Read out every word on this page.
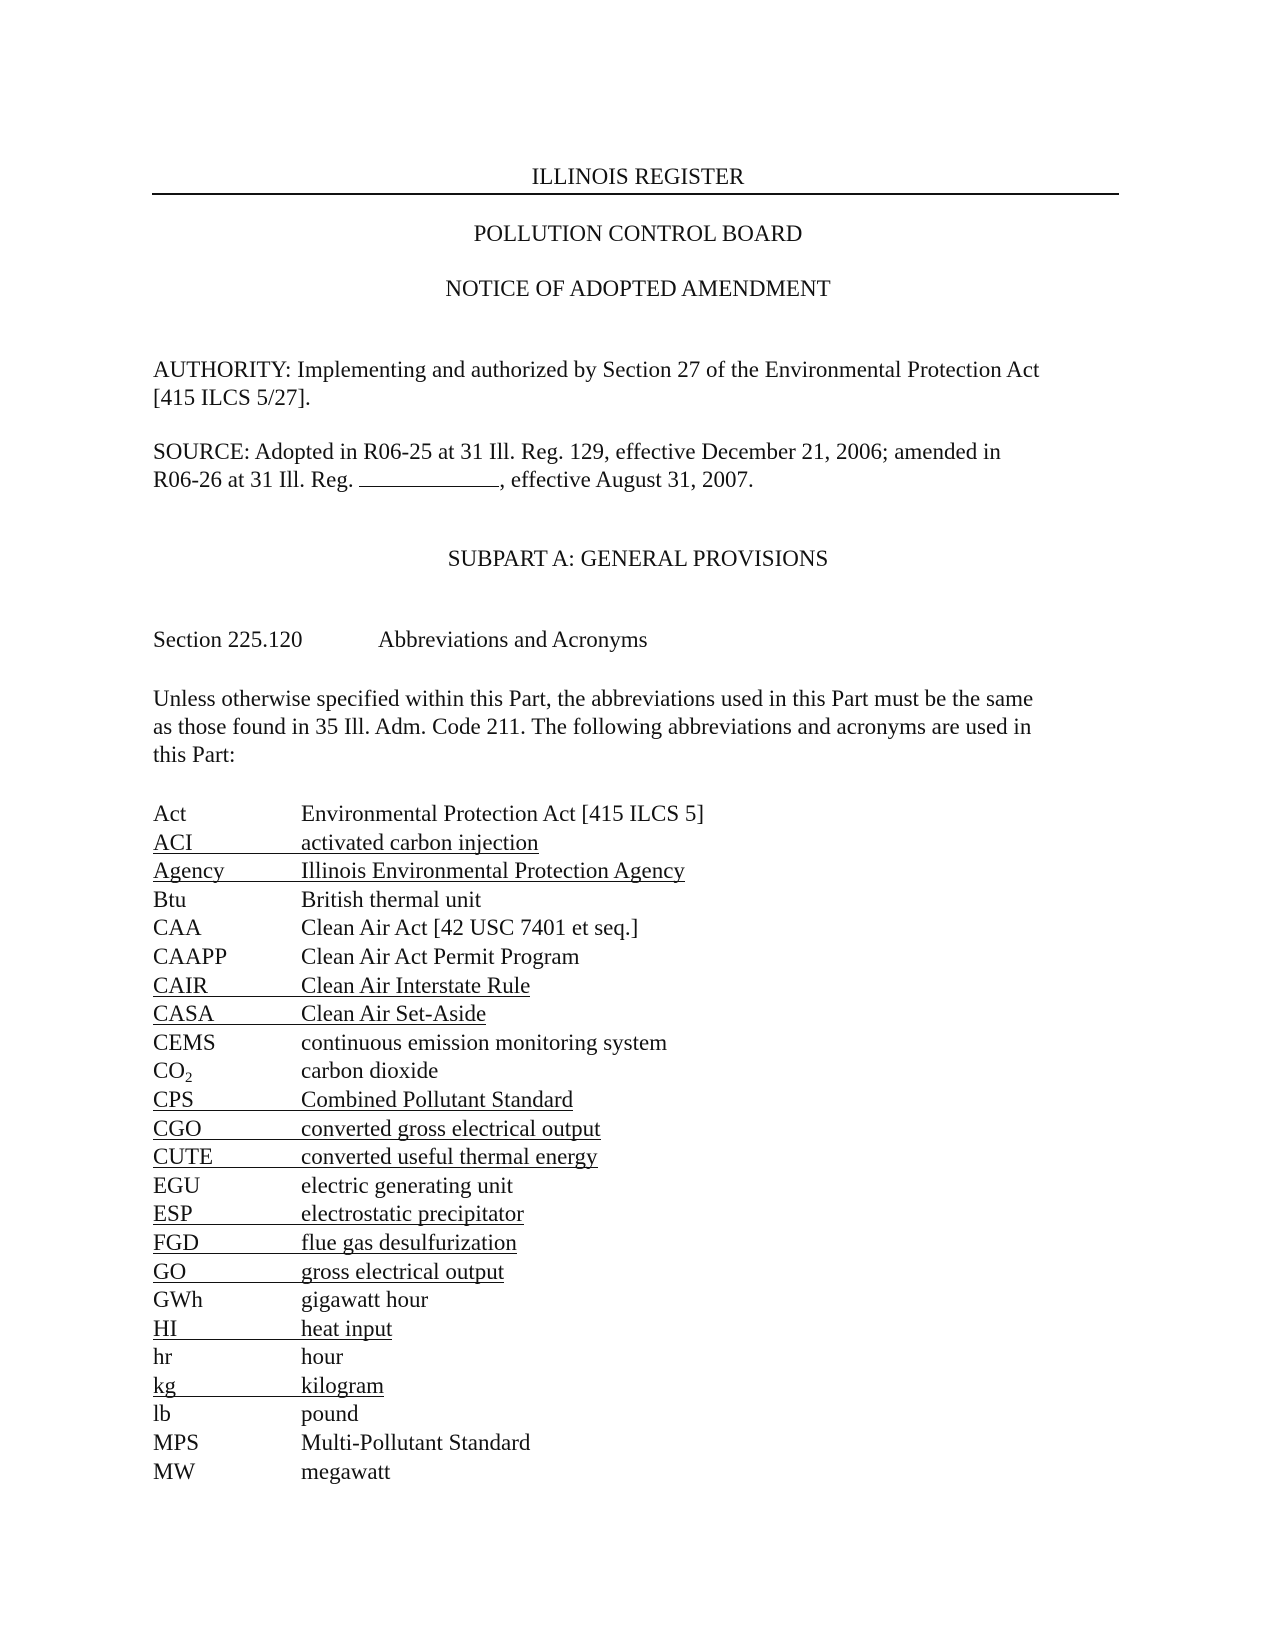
ILLINOIS REGISTER
POLLUTION CONTROL BOARD
NOTICE OF ADOPTED AMENDMENT
AUTHORITY: Implementing and authorized by Section 27 of the Environmental Protection Act
[415 ILCS 5/27].
SOURCE: Adopted in R06-25 at 31 Ill. Reg. 129, effective December 21, 2006; amended in
R06-26 at 31 Ill. Reg.	, effective August 31, 2007.
SUBPART A: GENERAL PROVISIONS
Section 225.120	Abbreviations and Acronyms
Unless otherwise specified within this Part, the abbreviations used in this Part must be the same
as those found in 35 Ill. Adm. Code 211. The following abbreviations and acronyms are used in
this Part:
Act	Environmental Protection Act [415 ILCS 5]
ACI	activated carbon injection
Agency	Illinois Environmental Protection Agency
Btu	British thermal unit
CAA	Clean Air Act [42 USC 7401 et seq.]
CAAPP	Clean Air Act Permit Program
CAIR	Clean Air Interstate Rule
CASA	Clean Air Set-Aside
CEMS	continuous emission monitoring system
$CO_2$	carbon dioxide
CPS	Combined Pollutant Standard
CGO	converted gross electrical output
CUTE	converted useful thermal energy
EGU	electric generating unit
ESP	electrostatic precipitator
FGD	flue gas desulfurization
GO	gross electrical output
GWh	gigawatt hour
HI	heat input
hr	hour
kg	kilogram
lb	pound
MPS	Multi-Pollutant Standard
MW	megawatt
